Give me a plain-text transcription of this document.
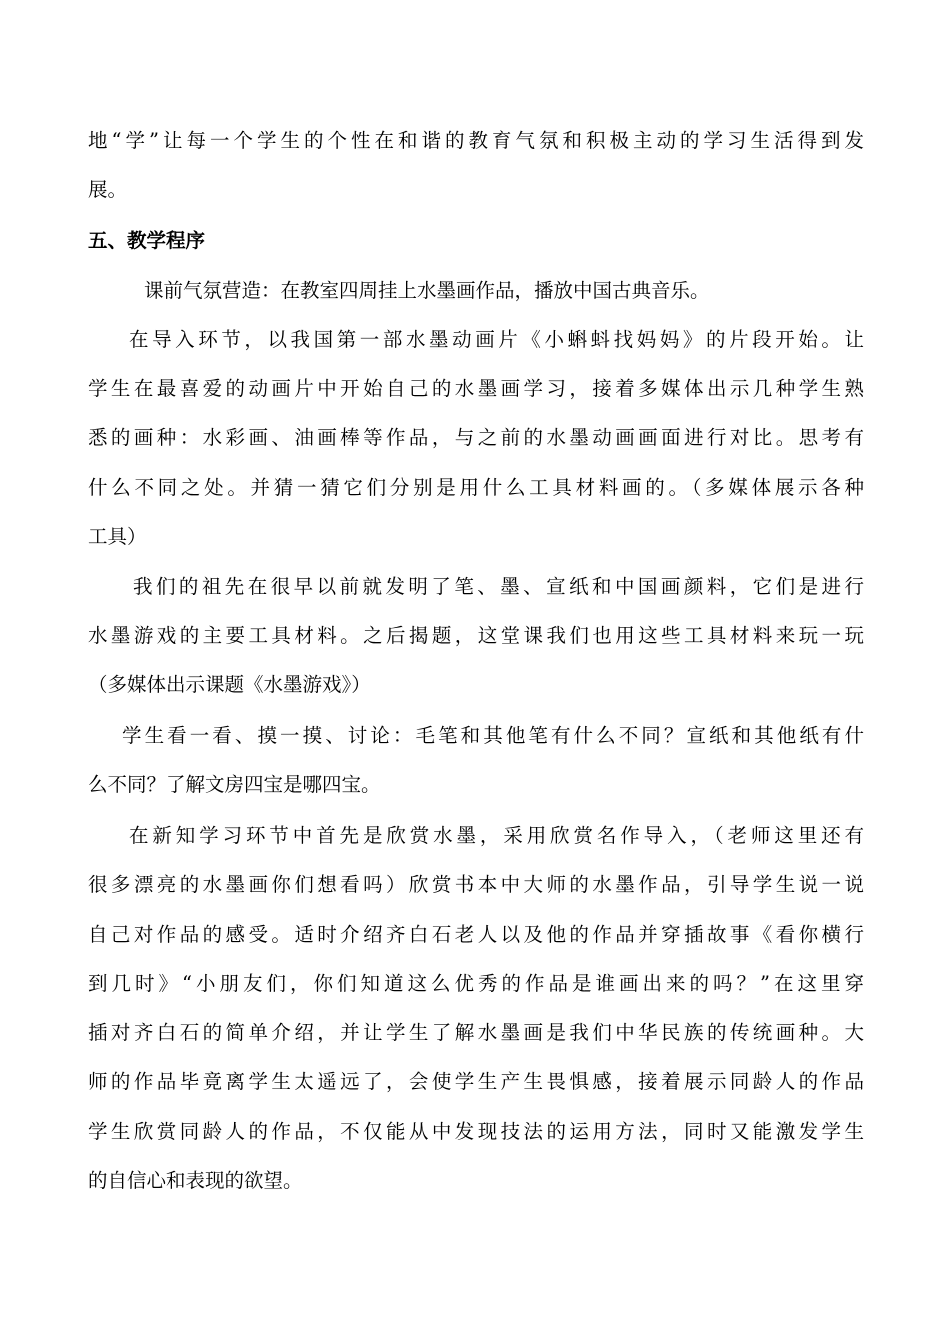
地“学”让每一个学生的个性在和谐的教育气氛和积极主动的学习生活得到发
展。
五、教学程序
课前气氛营造：在教室四周挂上水墨画作品，播放中国古典音乐。
在导入环节，以我国第一部水墨动画片《小蝌蚪找妈妈》的片段开始。让
学生在最喜爱的动画片中开始自己的水墨画学习，接着多媒体出示几种学生熟
悉的画种：水彩画、油画棒等作品，与之前的水墨动画画面进行对比。思考有
什么不同之处。并猜一猜它们分别是用什么工具材料画的。（多媒体展示各种
工具）
我们的祖先在很早以前就发明了笔、墨、宣纸和中国画颜料，它们是进行
水墨游戏的主要工具材料。之后揭题，这堂课我们也用这些工具材料来玩一玩
（多媒体出示课题《水墨游戏》）
学生看一看、摸一摸、讨论：毛笔和其他笔有什么不同？宣纸和其他纸有什
么不同？了解文房四宝是哪四宝。
在新知学习环节中首先是欣赏水墨，采用欣赏名作导入，（老师这里还有
很多漂亮的水墨画你们想看吗）欣赏书本中大师的水墨作品，引导学生说一说
自己对作品的感受。适时介绍齐白石老人以及他的作品并穿插故事《看你横行
到几时》“小朋友们，你们知道这么优秀的作品是谁画出来的吗？”在这里穿
插对齐白石的简单介绍，并让学生了解水墨画是我们中华民族的传统画种。大
师的作品毕竟离学生太遥远了，会使学生产生畏惧感，接着展示同龄人的作品
学生欣赏同龄人的作品，不仅能从中发现技法的运用方法，同时又能激发学生
的自信心和表现的欲望。
